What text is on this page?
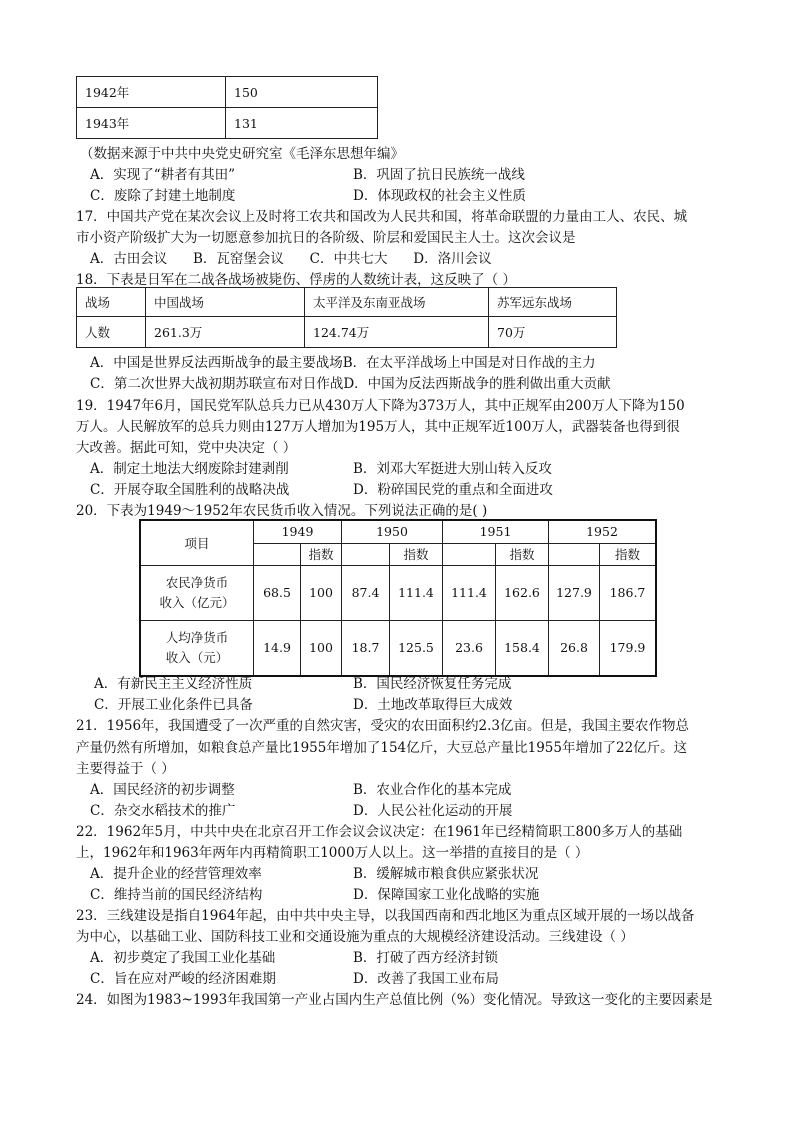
1942年	150
1943年	131
（数据来源于中共中央党史研究室《毛泽东思想年编》
A．实现了“耕者有其田”	B．巩固了抗日民族统一战线
C．废除了封建土地制度	D．体现政权的社会主义性质
17．中国共产党在某次会议上及时将工农共和国改为人民共和国，将革命联盟的力量由工人、农民、城
市小资产阶级扩大为一切愿意参加抗日的各阶级、阶层和爱国民主人士。这次会议是
A．古田会议      B．瓦窑堡会议      C．中共七大      D．洛川会议
18．下表是日军在二战各战场被毙伤、俘虏的人数统计表，这反映了（ ）
战场	中国战场	太平洋及东南亚战场	苏军远东战场
人数	261.3万	124.74万	70万
A．中国是世界反法西斯战争的最主要战场B．在太平洋战场上中国是对日作战的主力
C．第二次世界大战初期苏联宣布对日作战D．中国为反法西斯战争的胜利做出重大贡献
19．1947年6月，国民党军队总兵力已从430万人下降为373万人，其中正规军由200万人下降为150
万人。人民解放军的总兵力则由127万人增加为195万人，其中正规军近100万人，武器装备也得到很
大改善。据此可知，党中央决定（ ）
A．制定土地法大纲废除封建剥削	B．刘邓大军挺进大别山转入反攻
C．开展夺取全国胜利的战略决战	D．粉碎国民党的重点和全面进攻
20．下表为1949～1952年农民货币收入情况。下列说法正确的是( )
项目	1949		1950		1951		1952	
		指数		指数		指数		指数
农民净货币
收入（亿元）	68.5	100	87.4	111.4	111.4	162.6	127.9	186.7
人均净货币
收入（元）	14.9	100	18.7	125.5	23.6	158.4	26.8	179.9
A．有新民主主义经济性质	B．国民经济恢复任务完成
C．开展工业化条件已具备	D．土地改革取得巨大成效
21．1956年，我国遭受了一次严重的自然灾害，受灾的农田面积约2.3亿亩。但是，我国主要农作物总
产量仍然有所增加，如粮食总产量比1955年增加了154亿斤，大豆总产量比1955年增加了22亿斤。这
主要得益于（ ）
A．国民经济的初步调整	B．农业合作化的基本完成
C．杂交水稻技术的推广	D．人民公社化运动的开展
22．1962年5月，中共中央在北京召开工作会议会议决定：在1961年已经精简职工800多万人的基础
上，1962年和1963年两年内再精简职工1000万人以上。这一举措的直接目的是（ ）
A．提升企业的经营管理效率	B．缓解城市粮食供应紧张状况
C．维持当前的国民经济结构	D．保障国家工业化战略的实施
23．三线建设是指自1964年起，由中共中央主导，以我国西南和西北地区为重点区域开展的一场以战备
为中心，以基础工业、国防科技工业和交通设施为重点的大规模经济建设活动。三线建设（ ）
A．初步奠定了我国工业化基础	B．打破了西方经济封锁
C．旨在应对严峻的经济困难期	D．改善了我国工业布局
24．如图为1983~1993年我国第一产业占国内生产总值比例（%）变化情况。导致这一变化的主要因素是
